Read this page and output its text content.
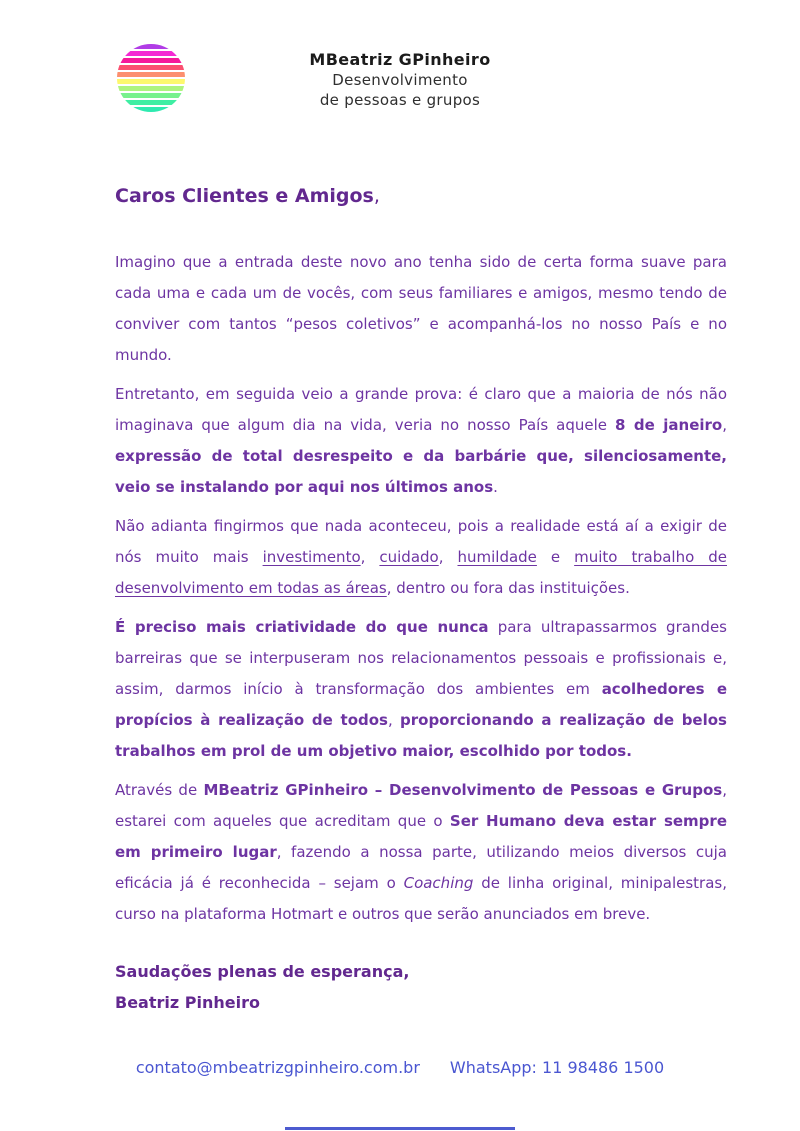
MBeatriz GPinheiro
Desenvolvimento
de pessoas e grupos

Caros Clientes e Amigos,

Imagino que a entrada deste novo ano tenha sido de certa forma suave para cada uma e cada um de vocês, com seus familiares e amigos, mesmo tendo de conviver com tantos “pesos coletivos” e acompanhá-los no nosso País e no mundo.

Entretanto, em seguida veio a grande prova: é claro que a maioria de nós não imaginava que algum dia na vida, veria no nosso País aquele 8 de janeiro, expressão de total desrespeito e da barbárie que, silenciosamente, veio se instalando por aqui nos últimos anos.

Não adianta fingirmos que nada aconteceu, pois a realidade está aí a exigir de nós muito mais investimento, cuidado, humildade e muito trabalho de desenvolvimento em todas as áreas, dentro ou fora das instituições.

É preciso mais criatividade do que nunca para ultrapassarmos grandes barreiras que se interpuseram nos relacionamentos pessoais e profissionais e, assim, darmos início à transformação dos ambientes em acolhedores e propícios à realização de todos, proporcionando a realização de belos trabalhos em prol de um objetivo maior, escolhido por todos.

Através de MBeatriz GPinheiro – Desenvolvimento de Pessoas e Grupos, estarei com aqueles que acreditam que o Ser Humano deva estar sempre em primeiro lugar, fazendo a nossa parte, utilizando meios diversos cuja eficácia já é reconhecida – sejam o Coaching de linha original, minipalestras, curso na plataforma Hotmart e outros que serão anunciados em breve.

Saudações plenas de esperança,

Beatriz Pinheiro

contato@mbeatrizgpinheiro.com.br WhatsApp: 11 98486 1500
